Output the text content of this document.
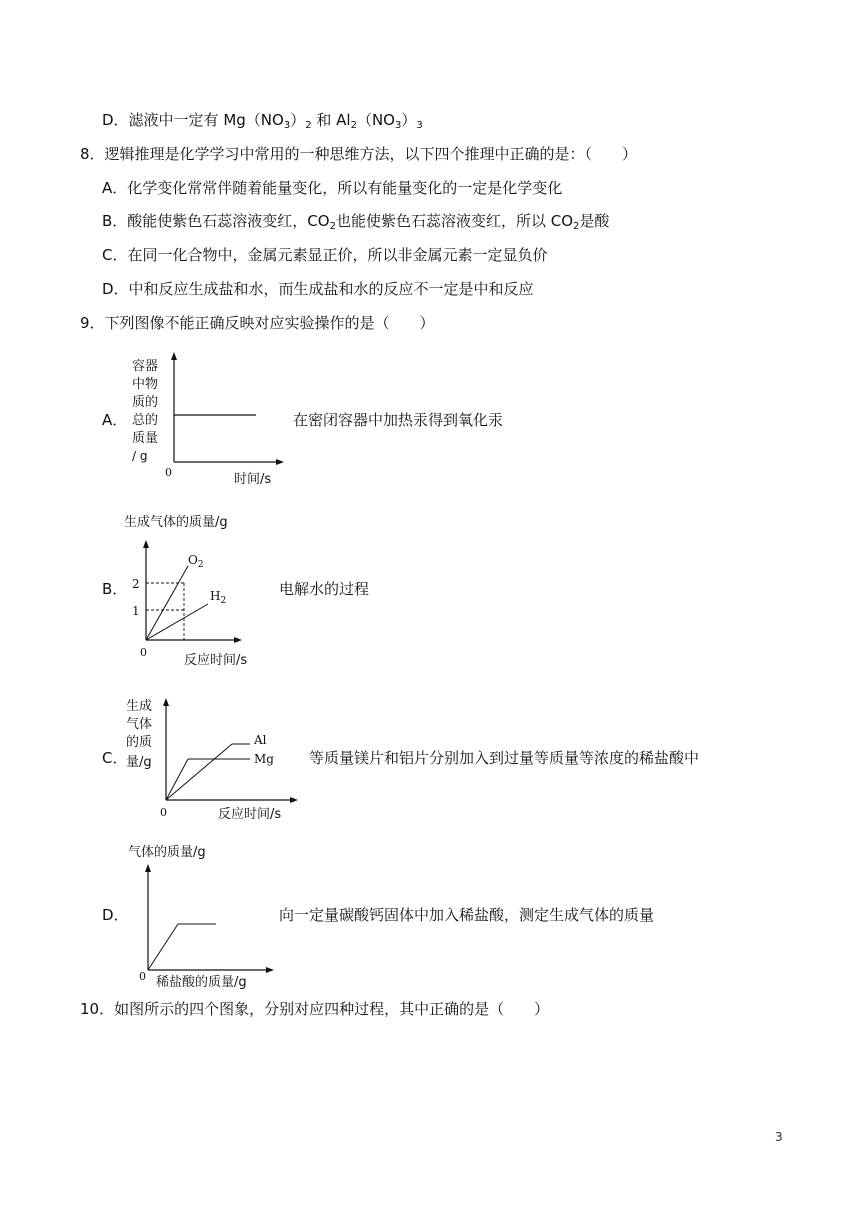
D．滤液中一定有 $Mg(NO_3)_2$ 和 $Al_2(NO_3)_3$
8．逻辑推理是化学学习中常用的一种思维方法，以下四个推理中正确的是：（　　）
A．化学变化常常伴随着能量变化，所以有能量变化的一定是化学变化
B．酸能使紫色石蕊溶液变红，$CO_2$也能使紫色石蕊溶液变红，所以 $CO_2$是酸
C．在同一化合物中，金属元素显正价，所以非金属元素一定显负价
D．中和反应生成盐和水，而生成盐和水的反应不一定是中和反应
9．下列图像不能正确反映对应实验操作的是（　　）
A．
容器
中物
质的
总的
质量
/ g
0	时间/s
在密闭容器中加热汞得到氧化汞
B．
生成气体的质量/g
2
1
$O_2$
$H_2$
0
反应时间/s
电解水的过程
C．
生成
气体
的质
量/g
Al
Mg
0	反应时间/s
等质量镁片和铝片分别加入到过量等质量等浓度的稀盐酸中
D．
气体的质量/g
0 稀盐酸的质量/g
向一定量碳酸钙固体中加入稀盐酸，测定生成气体的质量
10．如图所示的四个图象，分别对应四种过程，其中正确的是（　　）
3
